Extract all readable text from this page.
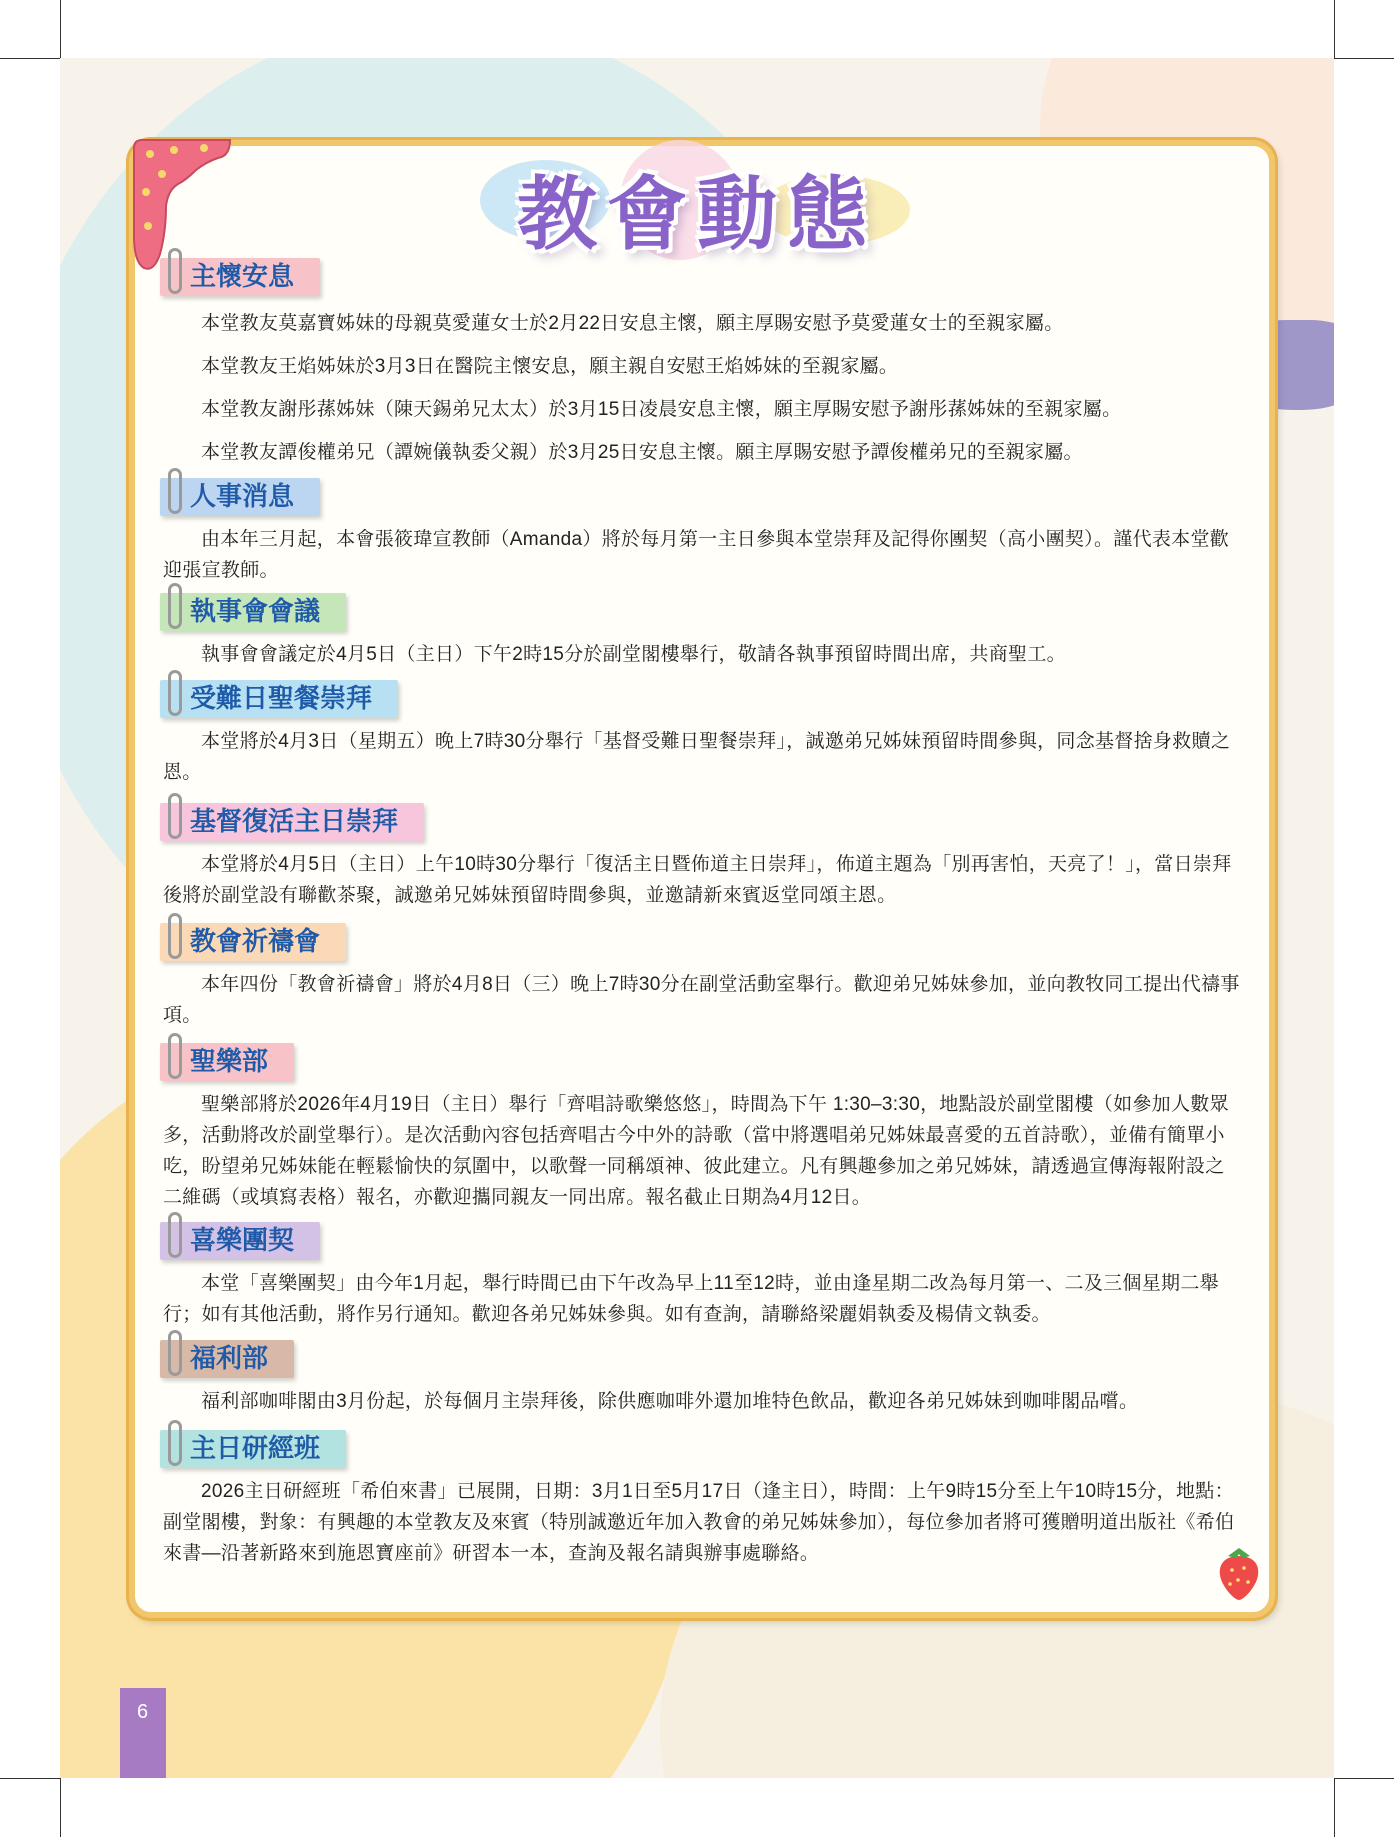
教會動態
主懷安息

本堂教友莫嘉寶姊妹的母親莫愛蓮女士於2月22日安息主懷，願主厚賜安慰予莫愛蓮女士的至親家屬。

本堂教友王焰姊妹於3月3日在醫院主懷安息，願主親自安慰王焰姊妹的至親家屬。

本堂教友謝彤蓀姊妹（陳天錫弟兄太太）於3月15日凌晨安息主懷，願主厚賜安慰予謝彤蓀姊妹的至親家屬。

本堂教友譚俊權弟兄（譚婉儀執委父親）於3月25日安息主懷。願主厚賜安慰予譚俊權弟兄的至親家屬。

人事消息

由本年三月起，本會張筱瑋宣教師（Amanda）將於每月第一主日參與本堂崇拜及記得你團契（高小團契）。謹代表本堂歡迎張宣教師。

執事會會議

執事會會議定於4月5日（主日）下午2時15分於副堂閣樓舉行，敬請各執事預留時間出席，共商聖工。

受難日聖餐崇拜

本堂將於4月3日（星期五）晚上7時30分舉行「基督受難日聖餐崇拜」，誠邀弟兄姊妹預留時間參與，同念基督捨身救贖之恩。

基督復活主日崇拜

本堂將於4月5日（主日）上午10時30分舉行「復活主日暨佈道主日崇拜」，佈道主題為「別再害怕，天亮了！」，當日崇拜後將於副堂設有聯歡茶聚，誠邀弟兄姊妹預留時間參與，並邀請新來賓返堂同頌主恩。

教會祈禱會

本年四份「教會祈禱會」將於4月8日（三）晚上7時30分在副堂活動室舉行。歡迎弟兄姊妹參加，並向教牧同工提出代禱事項。

聖樂部

聖樂部將於2026年4月19日（主日）舉行「齊唱詩歌樂悠悠」，時間為下午 1:30–3:30，地點設於副堂閣樓（如參加人數眾多，活動將改於副堂舉行）。是次活動內容包括齊唱古今中外的詩歌（當中將選唱弟兄姊妹最喜愛的五首詩歌），並備有簡單小吃，盼望弟兄姊妹能在輕鬆愉快的氛圍中，以歌聲一同稱頌神、彼此建立。凡有興趣參加之弟兄姊妹，請透過宣傳海報附設之二維碼（或填寫表格）報名，亦歡迎攜同親友一同出席。報名截止日期為4月12日。

喜樂團契

本堂「喜樂團契」由今年1月起，舉行時間已由下午改為早上11至12時，並由逢星期二改為每月第一、二及三個星期二舉行；如有其他活動，將作另行通知。歡迎各弟兄姊妹參與。如有查詢，請聯絡梁麗娟執委及楊倩文執委。

福利部

福利部咖啡閣由3月份起，於每個月主崇拜後，除供應咖啡外還加堆特色飲品，歡迎各弟兄姊妹到咖啡閣品嚐。

主日研經班

2026主日研經班「希伯來書」已展開，日期：3月1日至5月17日（逢主日），時間：上午9時15分至上午10時15分，地點：副堂閣樓，對象：有興趣的本堂教友及來賓（特別誠邀近年加入教會的弟兄姊妹參加），每位參加者將可獲贈明道出版社《希伯來書—沿著新路來到施恩寶座前》研習本一本，查詢及報名請與辦事處聯絡。

6
